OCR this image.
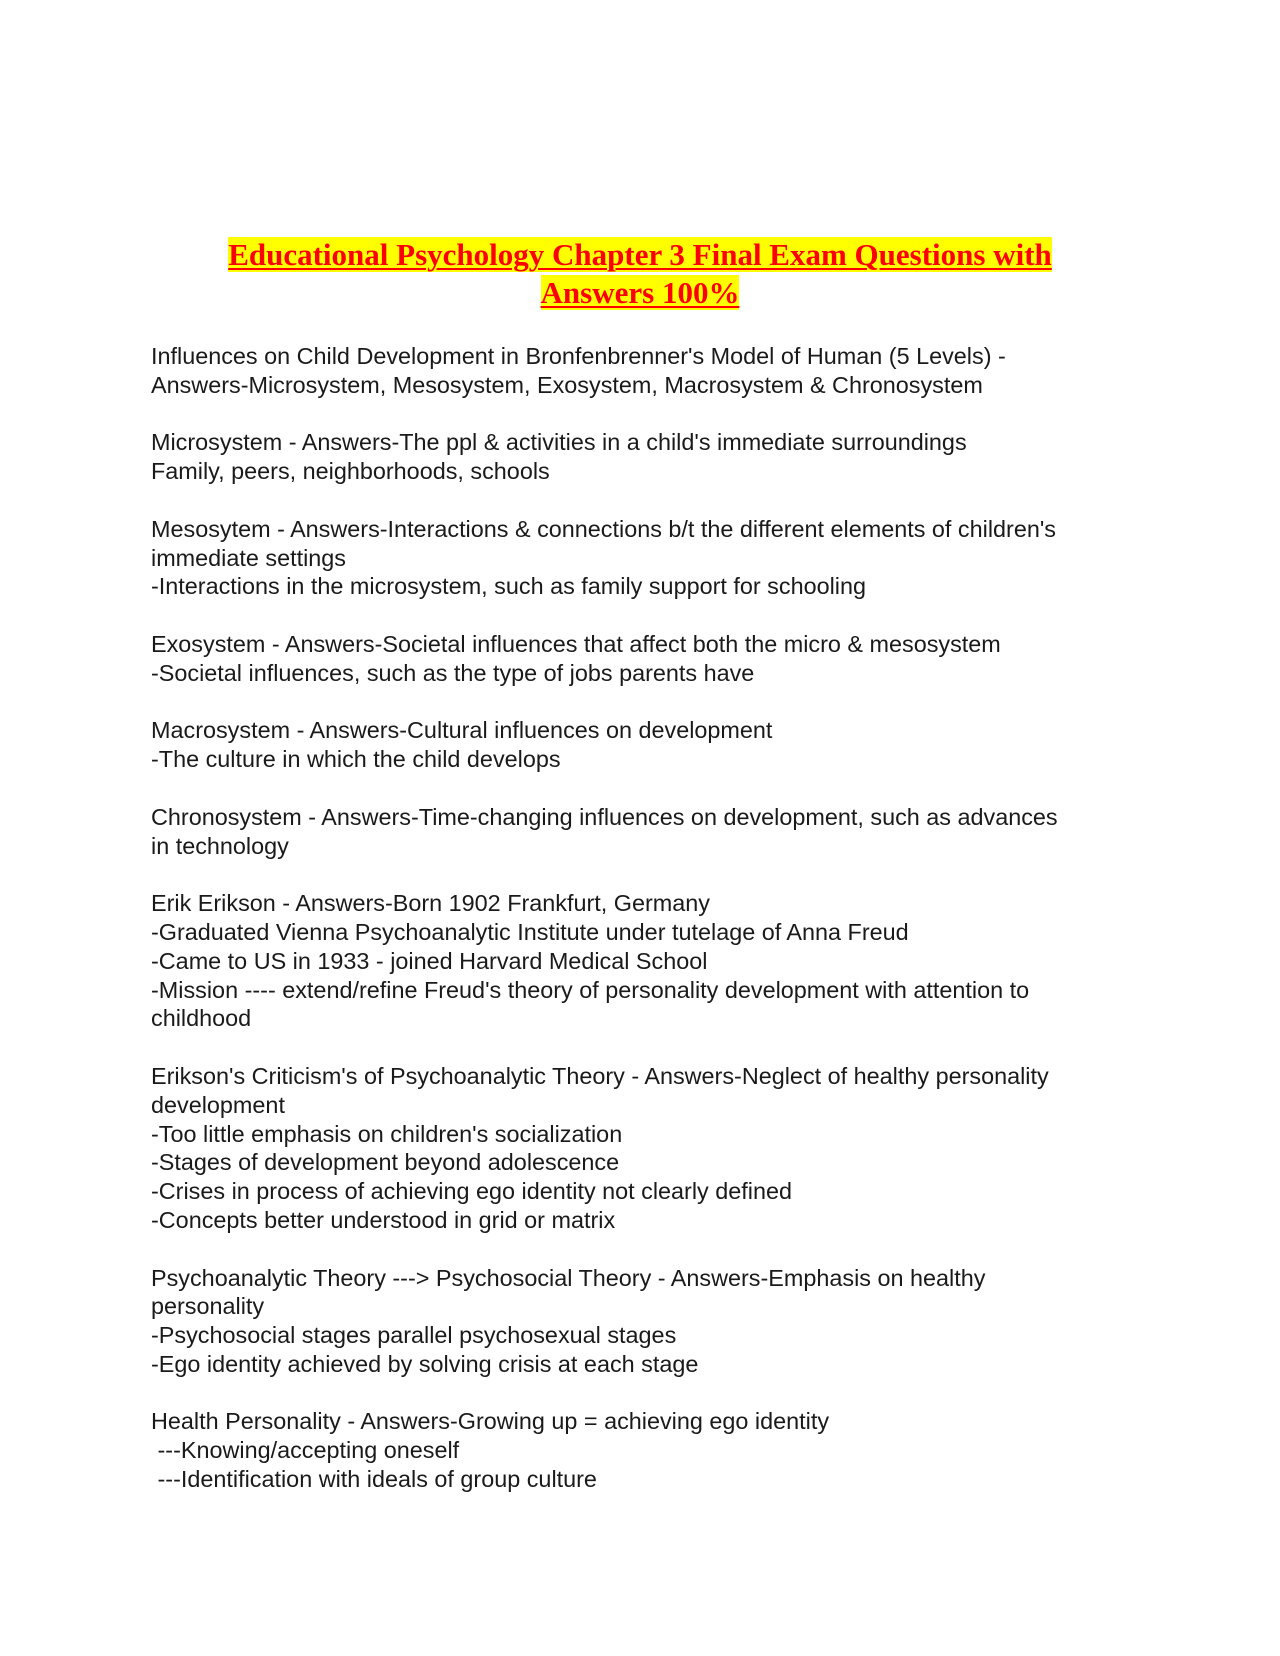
Educational Psychology Chapter 3 Final Exam Questions with
Answers 100%
Influences on Child Development in Bronfenbrenner's Model of Human (5 Levels) -
Answers-Microsystem, Mesosystem, Exosystem, Macrosystem & Chronosystem
Microsystem - Answers-The ppl & activities in a child's immediate surroundings
Family, peers, neighborhoods, schools
Mesosytem - Answers-Interactions & connections b/t the different elements of children's
immediate settings
-Interactions in the microsystem, such as family support for schooling
Exosystem - Answers-Societal influences that affect both the micro & mesosystem
-Societal influences, such as the type of jobs parents have
Macrosystem - Answers-Cultural influences on development
-The culture in which the child develops
Chronosystem - Answers-Time-changing influences on development, such as advances
in technology
Erik Erikson - Answers-Born 1902 Frankfurt, Germany
-Graduated Vienna Psychoanalytic Institute under tutelage of Anna Freud
-Came to US in 1933 - joined Harvard Medical School
-Mission ---- extend/refine Freud's theory of personality development with attention to
childhood
Erikson's Criticism's of Psychoanalytic Theory - Answers-Neglect of healthy personality
development
-Too little emphasis on children's socialization
-Stages of development beyond adolescence
-Crises in process of achieving ego identity not clearly defined
-Concepts better understood in grid or matrix
Psychoanalytic Theory ---> Psychosocial Theory - Answers-Emphasis on healthy
personality
-Psychosocial stages parallel psychosexual stages
-Ego identity achieved by solving crisis at each stage
Health Personality - Answers-Growing up = achieving ego identity
---Knowing/accepting oneself
---Identification with ideals of group culture
